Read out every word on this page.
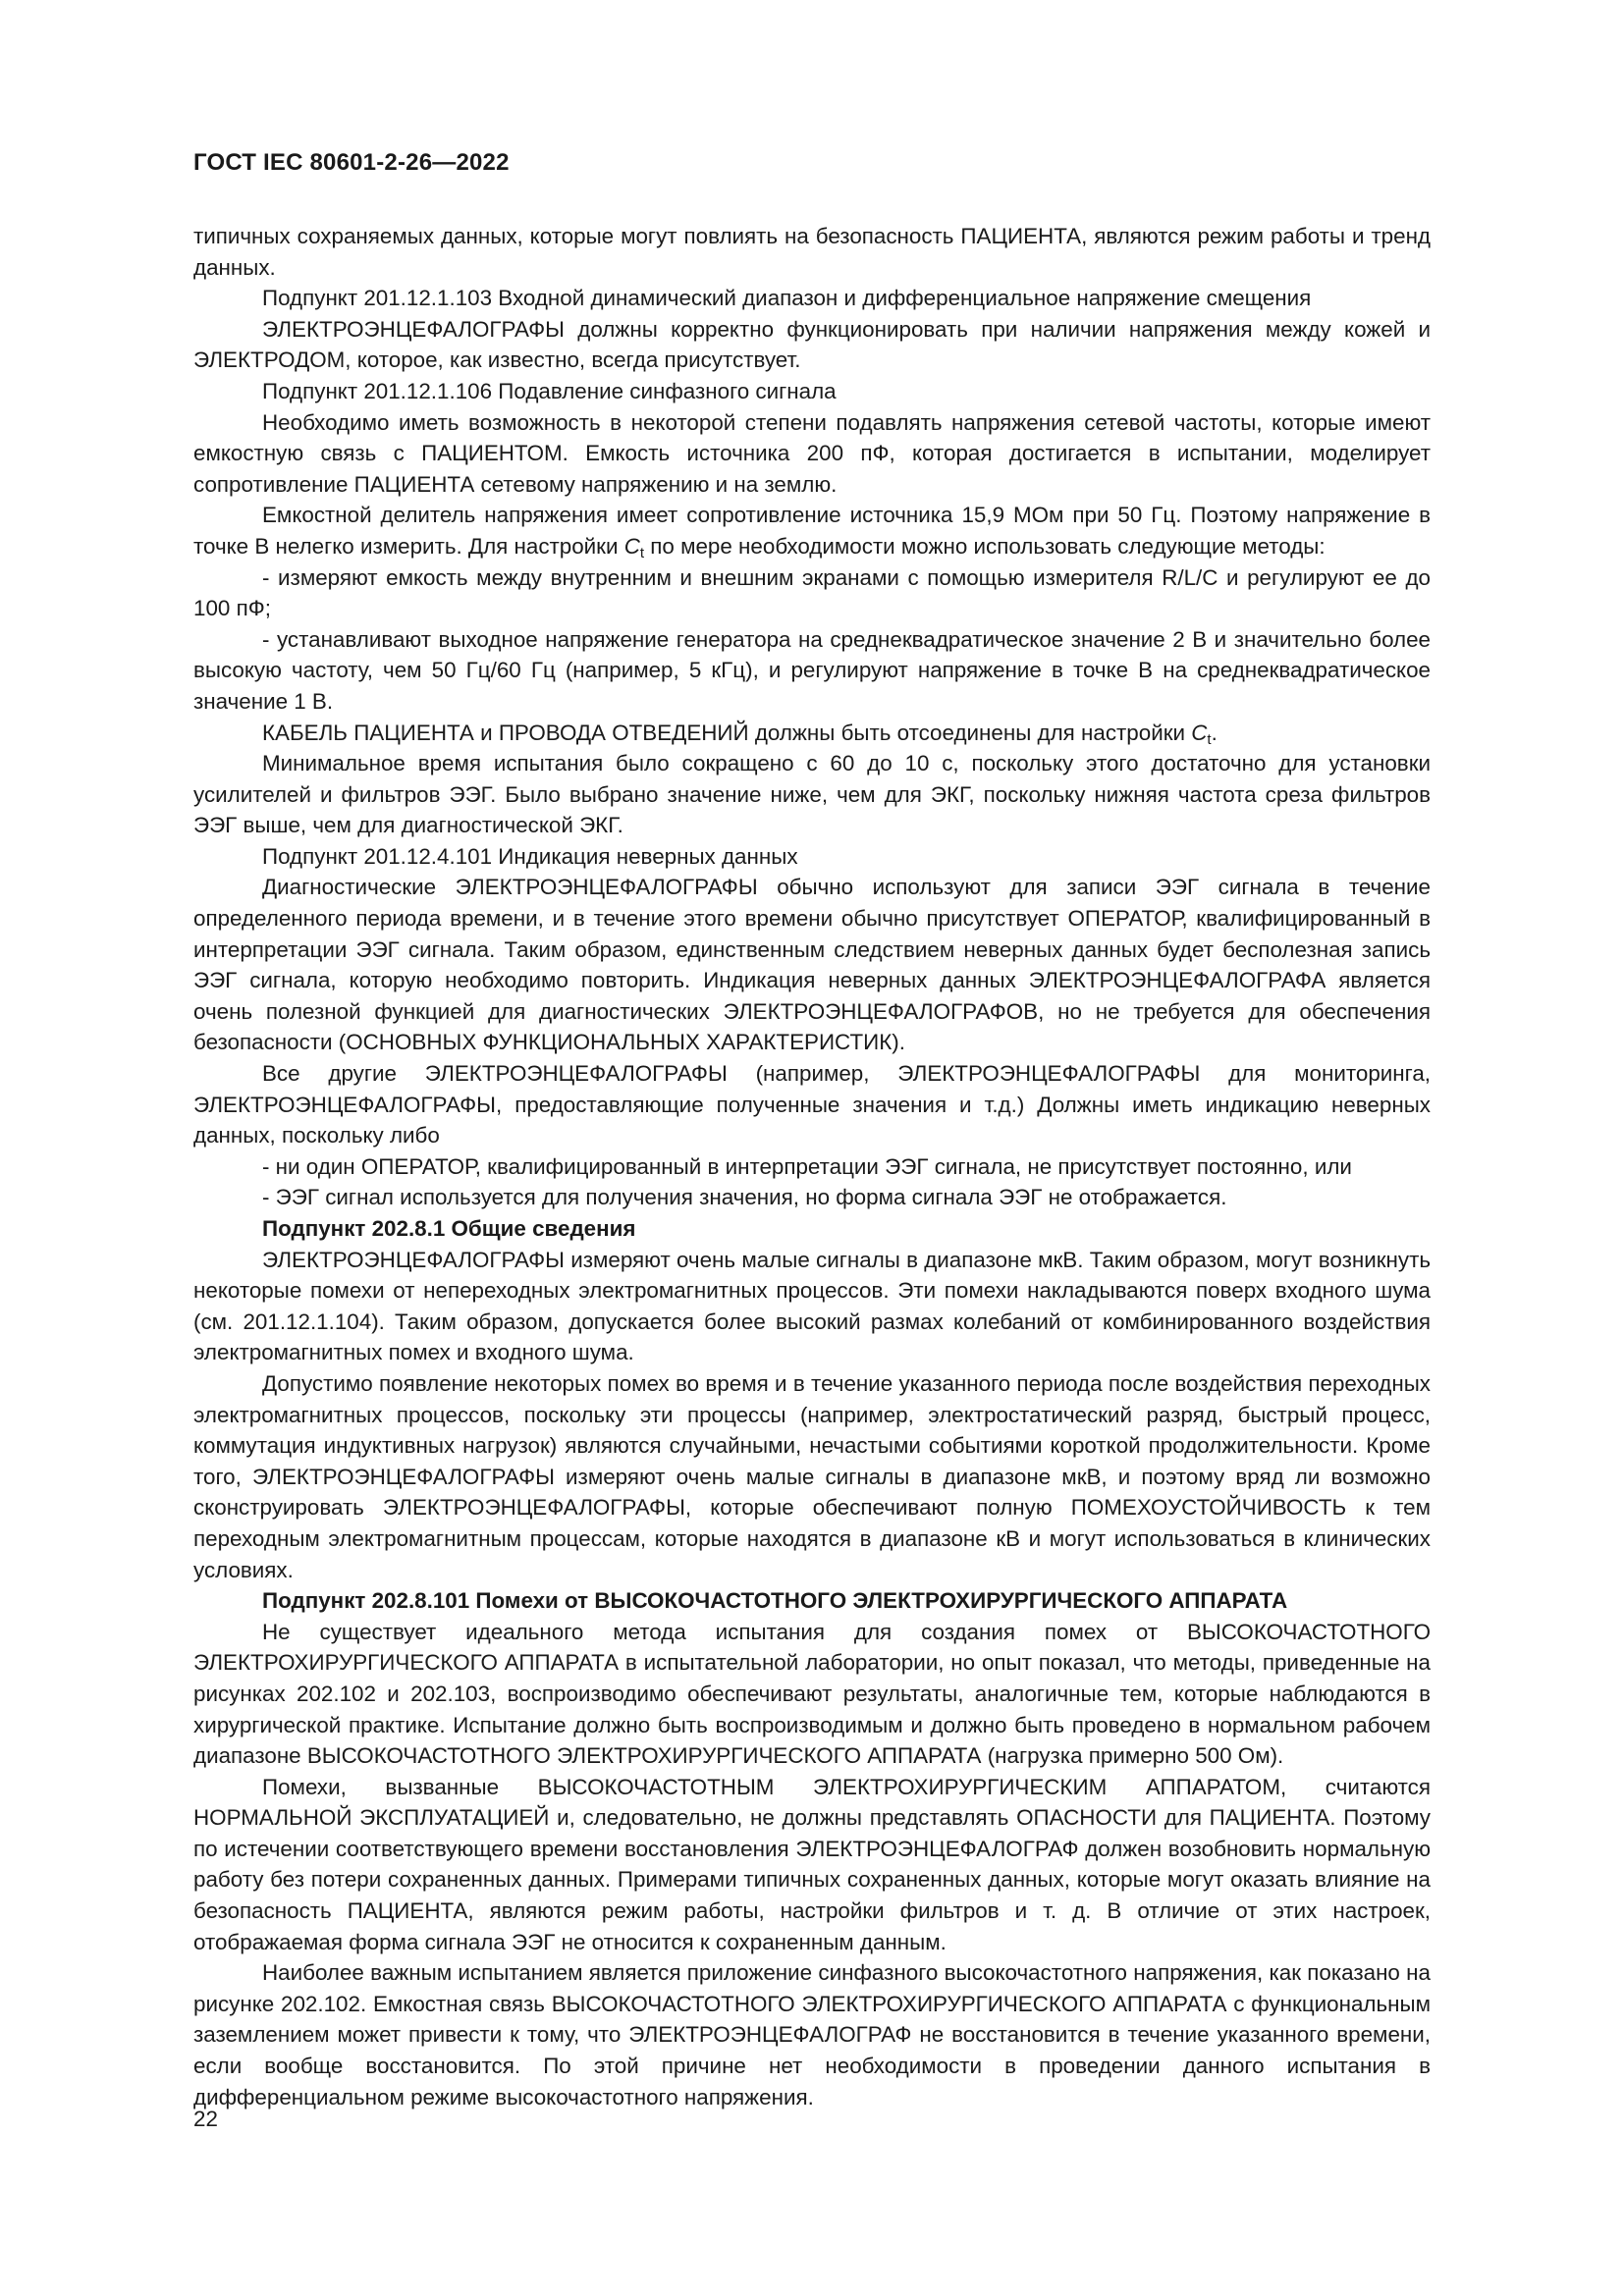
ГОСТ IEC 80601-2-26—2022

типичных сохраняемых данных, которые могут повлиять на безопасность ПАЦИЕНТА, являются режим работы и тренд данных.

Подпункт 201.12.1.103 Входной динамический диапазон и дифференциальное напряжение смещения

ЭЛЕКТРОЭНЦЕФАЛОГРАФЫ должны корректно функционировать при наличии напряжения между кожей и ЭЛЕКТРОДОМ, которое, как известно, всегда присутствует.

Подпункт 201.12.1.106 Подавление синфазного сигнала

Необходимо иметь возможность в некоторой степени подавлять напряжения сетевой частоты, которые имеют емкостную связь с ПАЦИЕНТОМ. Емкость источника 200 пФ, которая достигается в испытании, моделирует сопротивление ПАЦИЕНТА сетевому напряжению и на землю.

Емкостной делитель напряжения имеет сопротивление источника 15,9 МОм при 50 Гц. Поэтому напряжение в точке В нелегко измерить. Для настройки $C_t$ по мере необходимости можно использовать следующие методы:

- измеряют емкость между внутренним и внешним экранами с помощью измерителя R/L/C и регулируют ее до 100 пФ;

- устанавливают выходное напряжение генератора на среднеквадратическое значение 2 В и значительно более высокую частоту, чем 50 Гц/60 Гц (например, 5 кГц), и регулируют напряжение в точке В на среднеквадратическое значение 1 В.

КАБЕЛЬ ПАЦИЕНТА и ПРОВОДА ОТВЕДЕНИЙ должны быть отсоединены для настройки $C_t$.

Минимальное время испытания было сокращено с 60 до 10 с, поскольку этого достаточно для установки усилителей и фильтров ЭЭГ. Было выбрано значение ниже, чем для ЭКГ, поскольку нижняя частота среза фильтров ЭЭГ выше, чем для диагностической ЭКГ.

Подпункт 201.12.4.101 Индикация неверных данных

Диагностические ЭЛЕКТРОЭНЦЕФАЛОГРАФЫ обычно используют для записи ЭЭГ сигнала в течение определенного периода времени, и в течение этого времени обычно присутствует ОПЕРАТОР, квалифицированный в интерпретации ЭЭГ сигнала. Таким образом, единственным следствием неверных данных будет бесполезная запись ЭЭГ сигнала, которую необходимо повторить. Индикация неверных данных ЭЛЕКТРОЭНЦЕФАЛОГРАФА является очень полезной функцией для диагностических ЭЛЕКТРОЭНЦЕФАЛОГРАФОВ, но не требуется для обеспечения безопасности (ОСНОВНЫХ ФУНКЦИОНАЛЬНЫХ ХАРАКТЕРИСТИК).

Все другие ЭЛЕКТРОЭНЦЕФАЛОГРАФЫ (например, ЭЛЕКТРОЭНЦЕФАЛОГРАФЫ для мониторинга, ЭЛЕКТРОЭНЦЕФАЛОГРАФЫ, предоставляющие полученные значения и т.д.) Должны иметь индикацию неверных данных, поскольку либо

- ни один ОПЕРАТОР, квалифицированный в интерпретации ЭЭГ сигнала, не присутствует постоянно, или

- ЭЭГ сигнал используется для получения значения, но форма сигнала ЭЭГ не отображается.

Подпункт 202.8.1 Общие сведения

ЭЛЕКТРОЭНЦЕФАЛОГРАФЫ измеряют очень малые сигналы в диапазоне мкВ. Таким образом, могут возникнуть некоторые помехи от непереходных электромагнитных процессов. Эти помехи накладываются поверх входного шума (см. 201.12.1.104). Таким образом, допускается более высокий размах колебаний от комбинированного воздействия электромагнитных помех и входного шума.

Допустимо появление некоторых помех во время и в течение указанного периода после воздействия переходных электромагнитных процессов, поскольку эти процессы (например, электростатический разряд, быстрый процесс, коммутация индуктивных нагрузок) являются случайными, нечастыми событиями короткой продолжительности. Кроме того, ЭЛЕКТРОЭНЦЕФАЛОГРАФЫ измеряют очень малые сигналы в диапазоне мкВ, и поэтому вряд ли возможно сконструировать ЭЛЕКТРОЭНЦЕФАЛОГРАФЫ, которые обеспечивают полную ПОМЕХОУСТОЙЧИВОСТЬ к тем переходным электромагнитным процессам, которые находятся в диапазоне кВ и могут использоваться в клинических условиях.

Подпункт 202.8.101 Помехи от ВЫСОКОЧАСТОТНОГО ЭЛЕКТРОХИРУРГИЧЕСКОГО АППАРАТА

Не существует идеального метода испытания для создания помех от ВЫСОКОЧАСТОТНОГО ЭЛЕКТРОХИРУРГИЧЕСКОГО АППАРАТА в испытательной лаборатории, но опыт показал, что методы, приведенные на рисунках 202.102 и 202.103, воспроизводимо обеспечивают результаты, аналогичные тем, которые наблюдаются в хирургической практике. Испытание должно быть воспроизводимым и должно быть проведено в нормальном рабочем диапазоне ВЫСОКОЧАСТОТНОГО ЭЛЕКТРОХИРУРГИЧЕСКОГО АППАРАТА (нагрузка примерно 500 Ом).

Помехи, вызванные ВЫСОКОЧАСТОТНЫМ ЭЛЕКТРОХИРУРГИЧЕСКИМ АППАРАТОМ, считаются НОРМАЛЬНОЙ ЭКСПЛУАТАЦИЕЙ и, следовательно, не должны представлять ОПАСНОСТИ для ПАЦИЕНТА. Поэтому по истечении соответствующего времени восстановления ЭЛЕКТРОЭНЦЕФАЛОГРАФ должен возобновить нормальную работу без потери сохраненных данных. Примерами типичных сохраненных данных, которые могут оказать влияние на безопасность ПАЦИЕНТА, являются режим работы, настройки фильтров и т. д. В отличие от этих настроек, отображаемая форма сигнала ЭЭГ не относится к сохраненным данным.

Наиболее важным испытанием является приложение синфазного высокочастотного напряжения, как показано на рисунке 202.102. Емкостная связь ВЫСОКОЧАСТОТНОГО ЭЛЕКТРОХИРУРГИЧЕСКОГО АППАРАТА с функциональным заземлением может привести к тому, что ЭЛЕКТРОЭНЦЕФАЛОГРАФ не восстановится в течение указанного времени, если вообще восстановится. По этой причине нет необходимости в проведении данного испытания в дифференциальном режиме высокочастотного напряжения.

22
